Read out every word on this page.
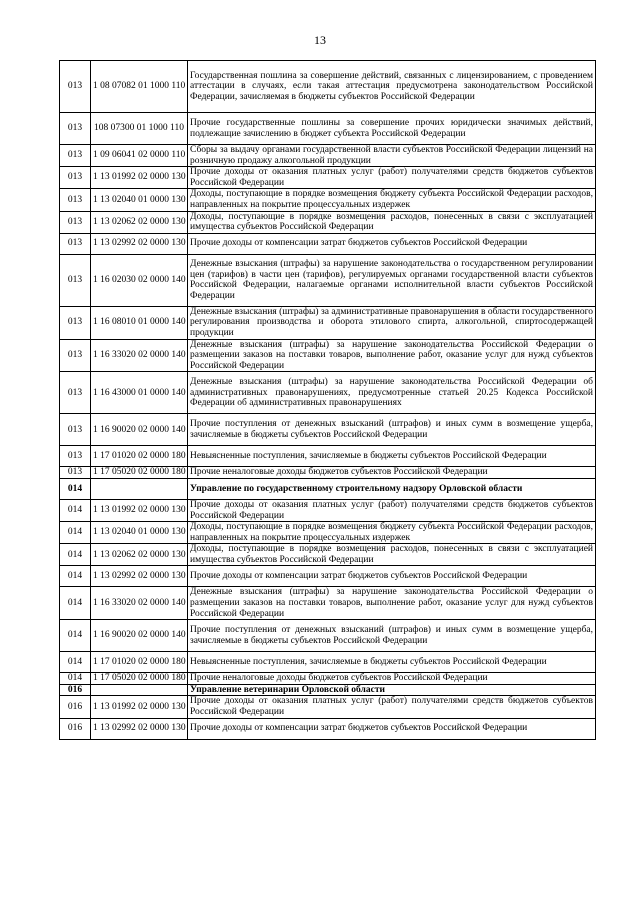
13
013	1 08 07082 01 1000 110	Государственная пошлина за совершение действий, связанных с лицензированием, с проведением аттестации в случаях, если такая аттестация предусмотрена законодательством Российской Федерации, зачисляемая в бюджеты субъектов Российской Федерации
013	108 07300 01 1000 110	Прочие государственные пошлины за совершение прочих юридически значимых действий, подлежащие зачислению в бюджет субъекта Российской Федерации
013	1 09 06041 02 0000 110	Сборы за выдачу органами государственной власти субъектов Российской Федерации лицензий на розничную продажу алкогольной продукции
013	1 13 01992 02 0000 130	Прочие доходы от оказания платных услуг (работ) получателями средств бюджетов субъектов Российской Федерации
013	1 13 02040 01 0000 130	Доходы, поступающие в порядке возмещения бюджету субъекта Российской Федерации расходов, направленных на покрытие процессуальных издержек
013	1 13 02062 02 0000 130	Доходы, поступающие в порядке возмещения расходов, понесенных в связи с эксплуатацией имущества субъектов Российской Федерации
013	1 13 02992 02 0000 130	Прочие доходы от компенсации затрат бюджетов субъектов Российской Федерации
013	1 16 02030 02 0000 140	Денежные взыскания (штрафы) за нарушение законодательства о государственном регулировании цен (тарифов) в части цен (тарифов), регулируемых органами государственной власти субъектов Российской Федерации, налагаемые органами исполнительной власти субъектов Российской Федерации
013	1 16 08010 01 0000 140	Денежные взыскания (штрафы) за административные правонарушения в области государственного регулирования производства и оборота этилового спирта, алкогольной, спиртосодержащей продукции
013	1 16 33020 02 0000 140	Денежные взыскания (штрафы) за нарушение законодательства Российской Федерации о размещении заказов на поставки товаров, выполнение работ, оказание услуг для нужд субъектов Российской Федерации
013	1 16 43000 01 0000 140	Денежные взыскания (штрафы) за нарушение законодательства Российской Федерации об административных правонарушениях, предусмотренные статьей 20.25 Кодекса Российской Федерации об административных правонарушениях
013	1 16 90020 02 0000 140	Прочие поступления от денежных взысканий (штрафов) и иных сумм в возмещение ущерба, зачисляемые в бюджеты субъектов Российской Федерации
013	1 17 01020 02 0000 180	Невыясненные поступления, зачисляемые в бюджеты субъектов Российской Федерации
013	1 17 05020 02 0000 180	Прочие неналоговые доходы бюджетов субъектов Российской Федерации
014		Управление по государственному строительному надзору Орловской области
014	1 13 01992 02 0000 130	Прочие доходы от оказания платных услуг (работ) получателями средств бюджетов субъектов Российской Федерации
014	1 13 02040 01 0000 130	Доходы, поступающие в порядке возмещения бюджету субъекта Российской Федерации расходов, направленных на покрытие процессуальных издержек
014	1 13 02062 02 0000 130	Доходы, поступающие в порядке возмещения расходов, понесенных в связи с эксплуатацией имущества субъектов Российской Федерации
014	1 13 02992 02 0000 130	Прочие доходы от компенсации затрат бюджетов субъектов Российской Федерации
014	1 16 33020 02 0000 140	Денежные взыскания (штрафы) за нарушение законодательства Российской Федерации о размещении заказов на поставки товаров, выполнение работ, оказание услуг для нужд субъектов Российской Федерации
014	1 16 90020 02 0000 140	Прочие поступления от денежных взысканий (штрафов) и иных сумм в возмещение ущерба, зачисляемые в бюджеты субъектов Российской Федерации
014	1 17 01020 02 0000 180	Невыясненные поступления, зачисляемые в бюджеты субъектов Российской Федерации
014	1 17 05020 02 0000 180	Прочие неналоговые доходы бюджетов субъектов Российской Федерации
016		Управление ветеринарии Орловской области
016	1 13 01992 02 0000 130	Прочие доходы от оказания платных услуг (работ) получателями средств бюджетов субъектов Российской Федерации
016	1 13 02992 02 0000 130	Прочие доходы от компенсации затрат бюджетов субъектов Российской Федерации
